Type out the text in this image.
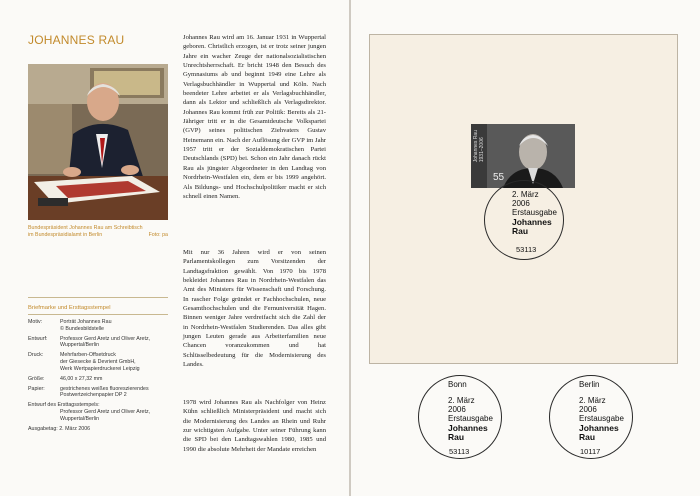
JOHANNES RAU
Bundespräsident Johannes Rau am Schreibtisch
im Bundespräsidialamt in Berlin	Foto: pa
Briefmarke und Ersttagsstempel
Motiv:	Porträt Johannes Rau
© Bundesbildstelle
Entwurf:	Professor Gerd Aretz und Oliver Aretz,
Wuppertal/Berlin
Druck:	Mehrfarben-Offsetdruck
der Giesecke & Devrient GmbH,
Werk Wertpapierdruckerei Leipzig
Größe:	46,00 x 27,32 mm
Papier:	gestrichenes weißes fluoreszierendes
Postwertzeichenpapier DP 2
Entwurf des Ersttagsstempels:
Professor Gerd Aretz und Oliver Aretz,
Wuppertal/Berlin
Ausgabetag: 2. März 2006

Johannes Rau wird am 16. Januar 1931 in Wuppertal geboren. Christlich erzogen, ist er trotz seiner jungen Jahre ein wacher Zeuge der nationalsozialistischen Unrechtsherrschaft. Er bricht 1948 den Besuch des Gymnasiums ab und beginnt 1949 eine Lehre als Verlagsbuchhändler in Wuppertal und Köln. Nach beendeter Lehre arbeitet er als Verlagsbuchhändler, dann als Lektor und schließlich als Verlagsdirektor. Johannes Rau kommt früh zur Politik: Bereits als 21-Jähriger tritt er in die Gesamtdeutsche Volkspartei (GVP) seines politischen Ziehvaters Gustav Heinemann ein. Nach der Auflösung der GVP im Jahr 1957 tritt er der Sozialdemokratischen Partei Deutschlands (SPD) bei. Schon ein Jahr danach rückt Rau als jüngster Abgeordneter in den Landtag von Nordrhein-Westfalen ein, dem er bis 1999 angehört. Als Bildungs- und Hochschulpolitiker macht er sich schnell einen Namen.

Mit nur 36 Jahren wird er von seinen Parlamentskollegen zum Vorsitzenden der Landtagsfraktion gewählt. Von 1970 bis 1978 bekleidet Johannes Rau in Nordrhein-Westfalen das Amt des Ministers für Wissenschaft und Forschung. In rascher Folge gründet er Fachhochschulen, neue Gesamthochschulen und die Fernuniversität Hagen. Binnen weniger Jahre verdreifacht sich die Zahl der in Nordrhein-Westfalen Studierenden. Das alles gibt jungen Leuten gerade aus Arbeiterfamilien neue Chancen voranzukommen und hat Schlüsselbedeutung für die Modernisierung des Landes.

1978 wird Johannes Rau als Nachfolger von Heinz Kühn schließlich Ministerpräsident und macht sich die Modernisierung des Landes an Rhein und Ruhr zur wichtigsten Aufgabe. Unter seiner Führung kann die SPD bei den Landtagswahlen 1980, 1985 und 1990 die absolute Mehrheit der Mandate erreichen

Johannes Rau
1931–2006
55
2. März
2006
Erstausgabe
Johannes
Rau
53113
Bonn
2. März
2006
Erstausgabe
Johannes
Rau
53113
Berlin
2. März
2006
Erstausgabe
Johannes
Rau
10117
